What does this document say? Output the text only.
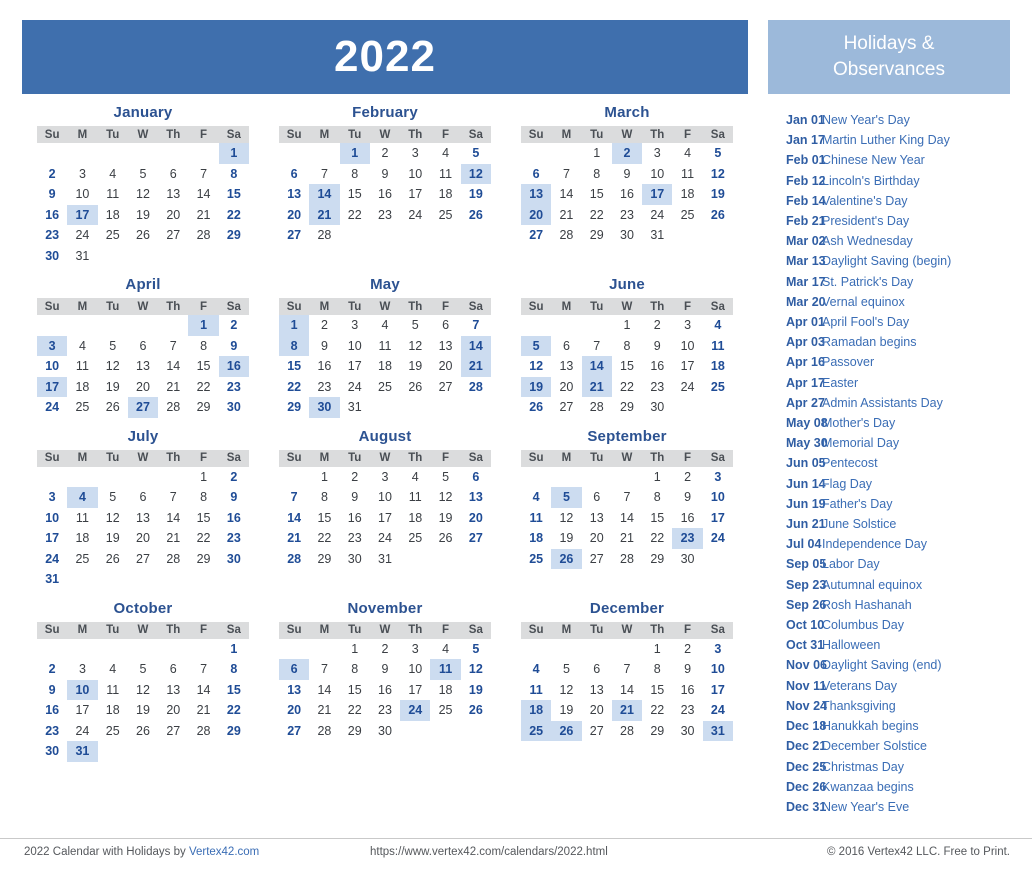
2022
January
Su	M	Tu	W	Th	F	Sa
						1
2	3	4	5	6	7	8
9	10	11	12	13	14	15
16	17	18	19	20	21	22
23	24	25	26	27	28	29
30	31					
February
Su	M	Tu	W	Th	F	Sa
		1	2	3	4	5
6	7	8	9	10	11	12
13	14	15	16	17	18	19
20	21	22	23	24	25	26
27	28					
March
Su	M	Tu	W	Th	F	Sa
		1	2	3	4	5
6	7	8	9	10	11	12
13	14	15	16	17	18	19
20	21	22	23	24	25	26
27	28	29	30	31		
April
Su	M	Tu	W	Th	F	Sa
					1	2
3	4	5	6	7	8	9
10	11	12	13	14	15	16
17	18	19	20	21	22	23
24	25	26	27	28	29	30
May
Su	M	Tu	W	Th	F	Sa
1	2	3	4	5	6	7
8	9	10	11	12	13	14
15	16	17	18	19	20	21
22	23	24	25	26	27	28
29	30	31				
June
Su	M	Tu	W	Th	F	Sa
			1	2	3	4
5	6	7	8	9	10	11
12	13	14	15	16	17	18
19	20	21	22	23	24	25
26	27	28	29	30		
July
Su	M	Tu	W	Th	F	Sa
					1	2
3	4	5	6	7	8	9
10	11	12	13	14	15	16
17	18	19	20	21	22	23
24	25	26	27	28	29	30
31						
August
Su	M	Tu	W	Th	F	Sa
	1	2	3	4	5	6
7	8	9	10	11	12	13
14	15	16	17	18	19	20
21	22	23	24	25	26	27
28	29	30	31			
September
Su	M	Tu	W	Th	F	Sa
				1	2	3
4	5	6	7	8	9	10
11	12	13	14	15	16	17
18	19	20	21	22	23	24
25	26	27	28	29	30	
October
Su	M	Tu	W	Th	F	Sa
						1
2	3	4	5	6	7	8
9	10	11	12	13	14	15
16	17	18	19	20	21	22
23	24	25	26	27	28	29
30	31					
November
Su	M	Tu	W	Th	F	Sa
		1	2	3	4	5
6	7	8	9	10	11	12
13	14	15	16	17	18	19
20	21	22	23	24	25	26
27	28	29	30			
December
Su	M	Tu	W	Th	F	Sa
				1	2	3
4	5	6	7	8	9	10
11	12	13	14	15	16	17
18	19	20	21	22	23	24
25	26	27	28	29	30	31
Holidays &
Observances
Jan 01
New Year's Day
Jan 17
Martin Luther King Day
Feb 01
Chinese New Year
Feb 12
Lincoln's Birthday
Feb 14
Valentine's Day
Feb 21
President's Day
Mar 02
Ash Wednesday
Mar 13
Daylight Saving (begin)
Mar 17
St. Patrick's Day
Mar 20
Vernal equinox
Apr 01
April Fool's Day
Apr 03
Ramadan begins
Apr 16
Passover
Apr 17
Easter
Apr 27
Admin Assistants Day
May 08
Mother's Day
May 30
Memorial Day
Jun 05
Pentecost
Jun 14
Flag Day
Jun 19
Father's Day
Jun 21
June Solstice
Jul 04 Independence Day
Sep 05
Labor Day
Sep 23
Autumnal equinox
Sep 26
Rosh Hashanah
Oct 10
Columbus Day
Oct 31
Halloween
Nov 06
Daylight Saving (end)
Nov 11
Veterans Day
Nov 24
Thanksgiving
Dec 18
Hanukkah begins
Dec 21
December Solstice
Dec 25
Christmas Day
Dec 26
Kwanzaa begins
Dec 31
New Year's Eve
2022 Calendar with Holidays by Vertex42.com	https://www.vertex42.com/calendars/2022.html	© 2016 Vertex42 LLC. Free to Print.
